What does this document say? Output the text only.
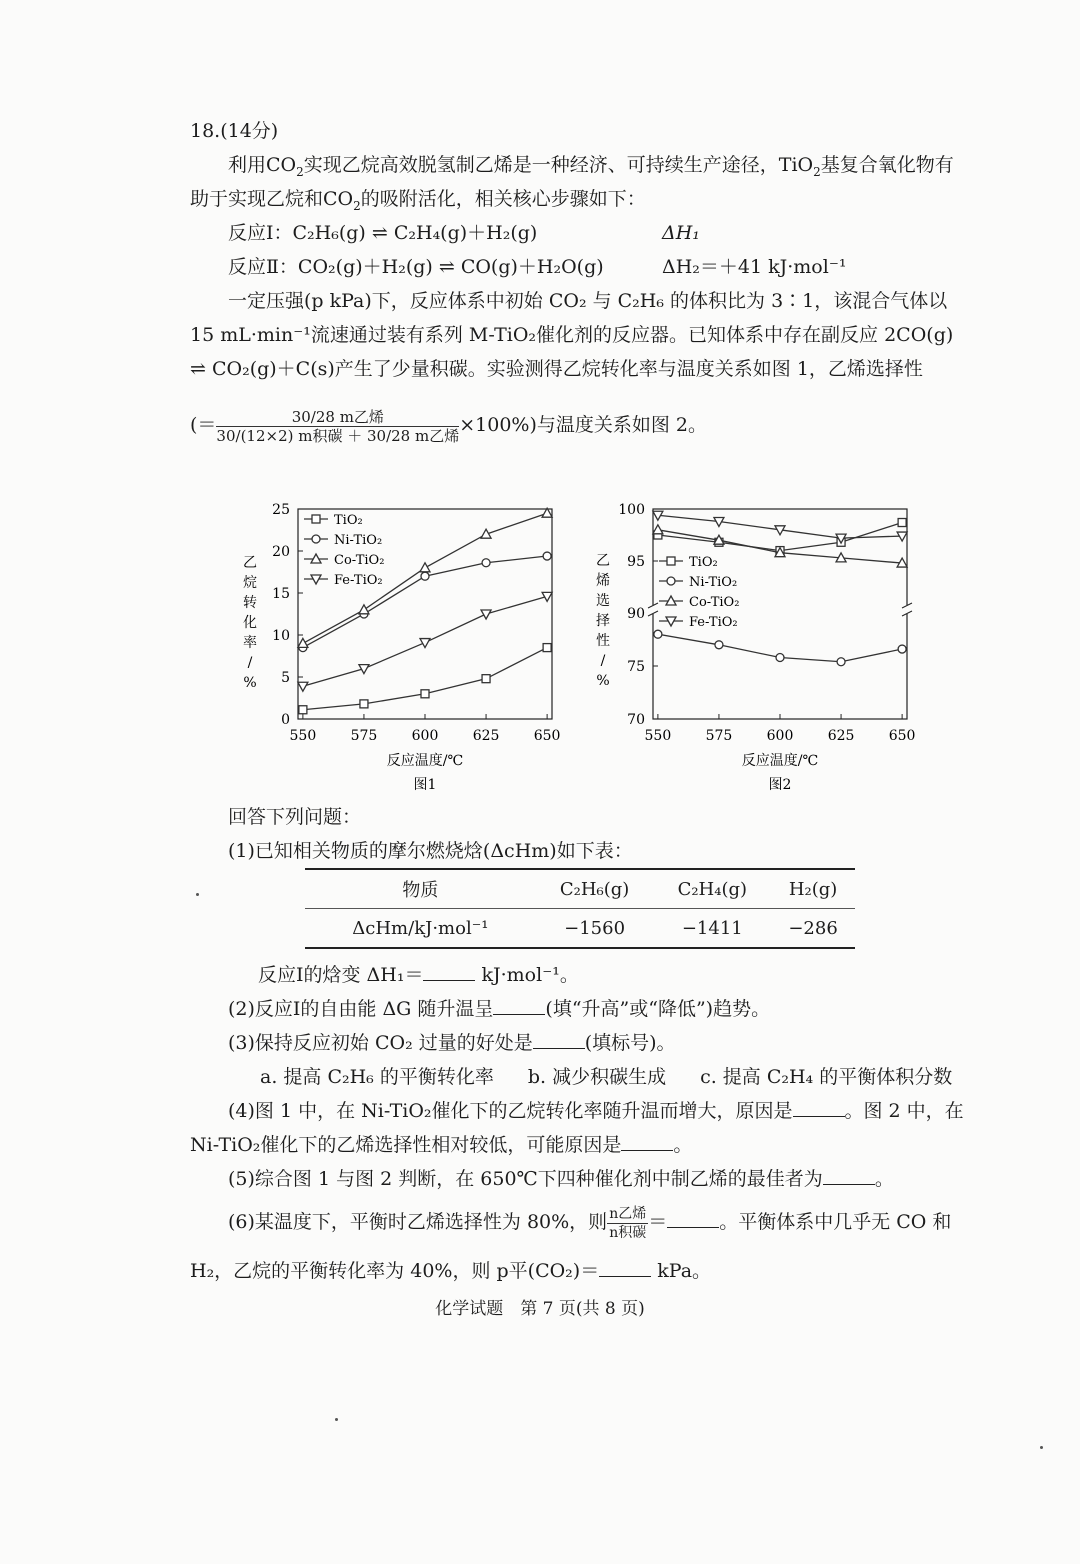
18.(14分)
利用$CO_2$实现乙烷高效脱氢制乙烯是一种经济、可持续生产途径，TiO$_2$基复合氧化物有
助于实现乙烷和$CO_2$的吸附活化，相关核心步骤如下：
反应Ⅰ：C₂H₆(g) ⇌ C₂H₄(g)＋H₂(g)	ΔH₁
反应Ⅱ：CO₂(g)＋H₂(g) ⇌ CO(g)＋H₂O(g)	ΔH₂＝＋41 kJ·mol⁻¹
一定压强(p kPa)下，反应体系中初始 CO₂ 与 C₂H₆ 的体积比为 3∶1，该混合气体以
15 mL·min⁻¹流速通过装有系列 M-TiO₂催化剂的反应器。已知体系中存在副反应 2CO(g)
⇌ CO₂(g)＋C(s)产生了少量积碳。实验测得乙烷转化率与温度关系如图 1，乙烯选择性
(＝ $\frac{\text{30/28 m乙烯}}{\text{30/(12×2) m积碳 ＋ 30/28 m乙烯}} \times 100\%$)与温度关系如图 2。
550 575 600 625 650
0
5
10
15
20
25
TiO₂
Ni-TiO₂
Co-TiO₂
Fe-TiO₂
反应温度/℃
图1
乙
烷
转
化
率
/
%
550 575 600 625 650
70
75
90
95
100
TiO₂
Ni-TiO₂
Co-TiO₂
Fe-TiO₂
反应温度/℃
图2
乙
烯
选
择
性
/
%
回答下列问题：
(1)已知相关物质的摩尔燃烧焓(ΔcHm)如下表：
物质	C₂H₆(g)	C₂H₄(g)	H₂(g)
ΔcHm/kJ·mol⁻¹	−1560	−1411	−286
反应Ⅰ的焓变 ΔH₁＝	kJ·mol⁻¹。
(2)反应Ⅰ的自由能 ΔG 随升温呈	(填“升高”或“降低”)趋势。
(3)保持反应初始 CO₂ 过量的好处是	(填标号)。
a. 提高 C₂H₆ 的平衡转化率 b. 减少积碳生成 c. 提高 C₂H₄ 的平衡体积分数
(4)图 1 中，在 Ni-TiO₂催化下的乙烷转化率随升温而增大，原因是	。图 2 中，在
Ni-TiO₂催化下的乙烯选择性相对较低，可能原因是	。
(5)综合图 1 与图 2 判断，在 650℃下四种催化剂中制乙烯的最佳者为	。
(6)某温度下，平衡时乙烯选择性为 80%，则 $\frac{\text{n乙烯}}{\text{n积碳}}$ ＝	。平衡体系中几乎无 CO 和
H₂，乙烷的平衡转化率为 40%，则 p平(CO₂)＝	kPa。
化学试题　第 7 页(共 8 页)
